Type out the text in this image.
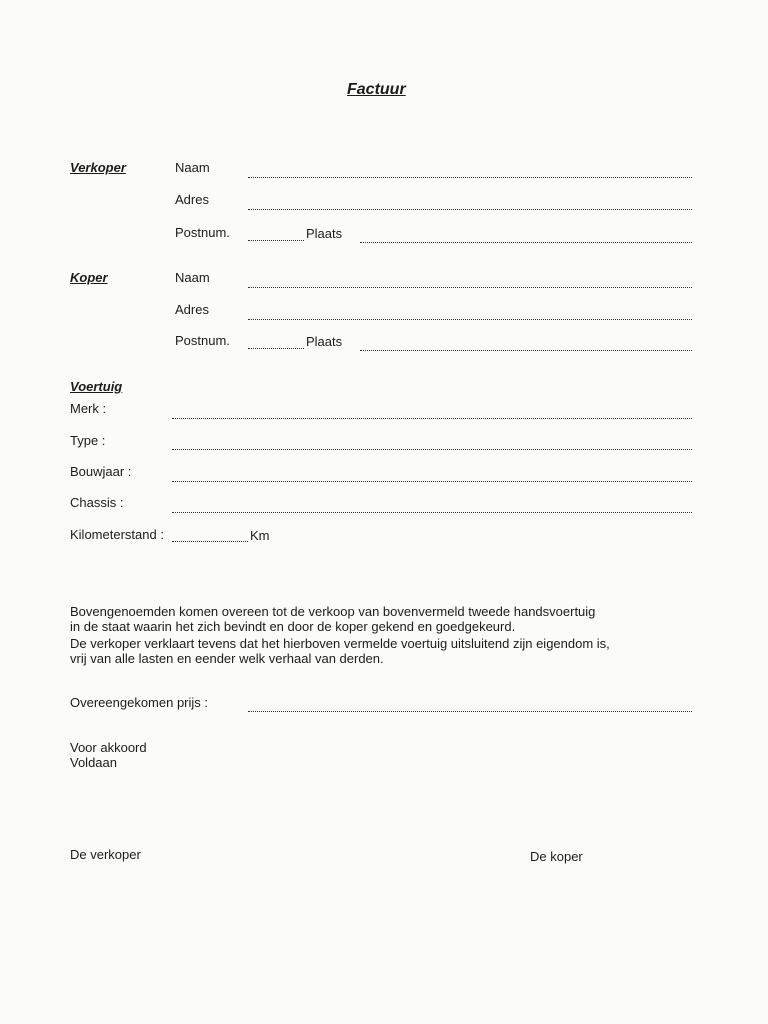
Factuur
Verkoper	Naam
Adres
Postnum.	Plaats
Koper	Naam
Adres
Postnum.	Plaats
Voertuig
Merk :
Type :
Bouwjaar :
Chassis :
Kilometerstand :	Km
Bovengenoemden komen overeen tot de verkoop van bovenvermeld tweede handsvoertuig
in de staat waarin het zich bevindt en door de koper gekend en goedgekeurd.
De verkoper verklaart tevens dat het hierboven vermelde voertuig uitsluitend zijn eigendom is,
vrij van alle lasten en eender welk verhaal van derden.
Overeengekomen prijs :
Voor akkoord
Voldaan
De verkoper	De koper
